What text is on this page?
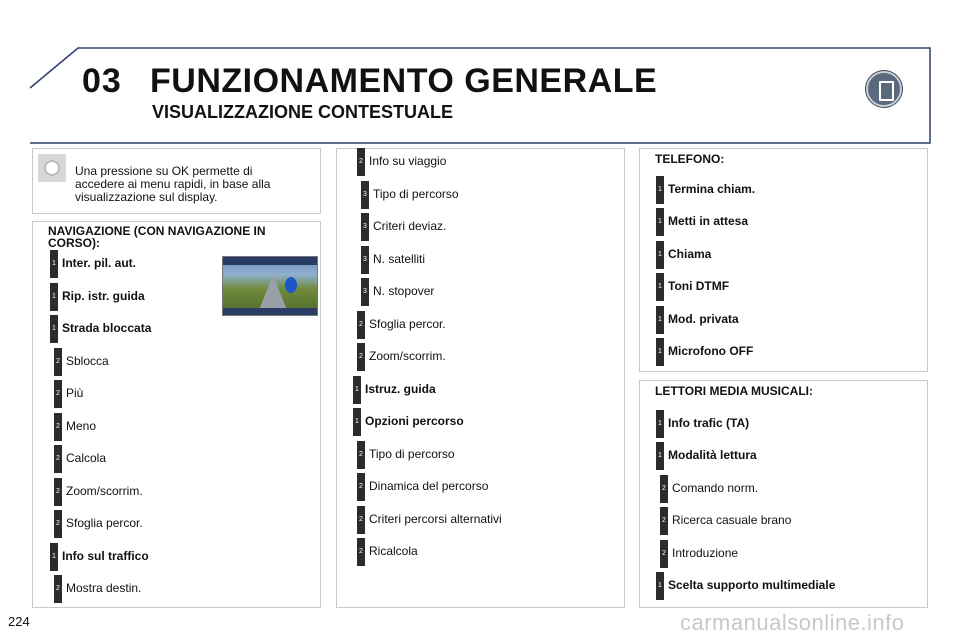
03 FUNZIONAMENTO GENERALE
VISUALIZZAZIONE CONTESTUALE
Una pressione su OK permette di accedere ai menu rapidi, in base alla visualizzazione sul display.
NAVIGAZIONE (CON NAVIGAZIONE IN CORSO):
TELEFONO:
LETTORI MEDIA MUSICALI:
1 Inter. pil. aut.
1 Rip. istr. guida
1 Strada bloccata
2 Sblocca
2 Più
2 Meno
2 Calcola
2 Zoom/scorrim.
2 Sfoglia percor.
1 Info sul traffico
2 Mostra destin.
2 Info su viaggio
3 Tipo di percorso
3 Criteri deviaz.
3 N. satelliti
3 N. stopover
2 Sfoglia percor.
2 Zoom/scorrim.
1 Istruz. guida
1 Opzioni percorso
2 Tipo di percorso
2 Dinamica del percorso
2 Criteri percorsi alternativi
2 Ricalcola
1 Termina chiam.
1 Metti in attesa
1 Chiama
1 Toni DTMF
1 Mod. privata
1 Microfono OFF
1 Info trafic (TA)
1 Modalità lettura
2 Comando norm.
2 Ricerca casuale brano
2 Introduzione
1 Scelta supporto multimediale
224	carmanualsonline.info
